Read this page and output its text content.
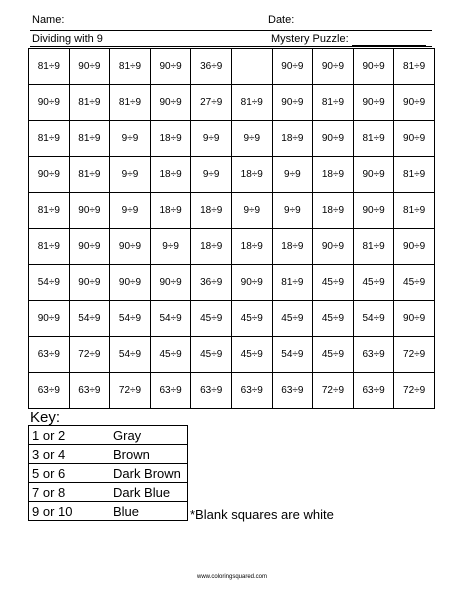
Name:	Date:
Dividing with 9	Mystery Puzzle:
81÷9	90÷9	81÷9	90÷9	36÷9		90÷9	90÷9	90÷9	81÷9
90÷9	81÷9	81÷9	90÷9	27÷9	81÷9	90÷9	81÷9	90÷9	90÷9
81÷9	81÷9	9÷9	18÷9	9÷9	9÷9	18÷9	90÷9	81÷9	90÷9
90÷9	81÷9	9÷9	18÷9	9÷9	18÷9	9÷9	18÷9	90÷9	81÷9
81÷9	90÷9	9÷9	18÷9	18÷9	9÷9	9÷9	18÷9	90÷9	81÷9
81÷9	90÷9	90÷9	9÷9	18÷9	18÷9	18÷9	90÷9	81÷9	90÷9
54÷9	90÷9	90÷9	90÷9	36÷9	90÷9	81÷9	45÷9	45÷9	45÷9
90÷9	54÷9	54÷9	54÷9	45÷9	45÷9	45÷9	45÷9	54÷9	90÷9
63÷9	72÷9	54÷9	45÷9	45÷9	45÷9	54÷9	45÷9	63÷9	72÷9
63÷9	63÷9	72÷9	63÷9	63÷9	63÷9	63÷9	72÷9	63÷9	72÷9
Key:
1 or 2	Gray
3 or 4	Brown
5 or 6	Dark Brown
7 or 8	Dark Blue
9 or 10	Blue	*Blank squares are white
www.coloringsquared.com
